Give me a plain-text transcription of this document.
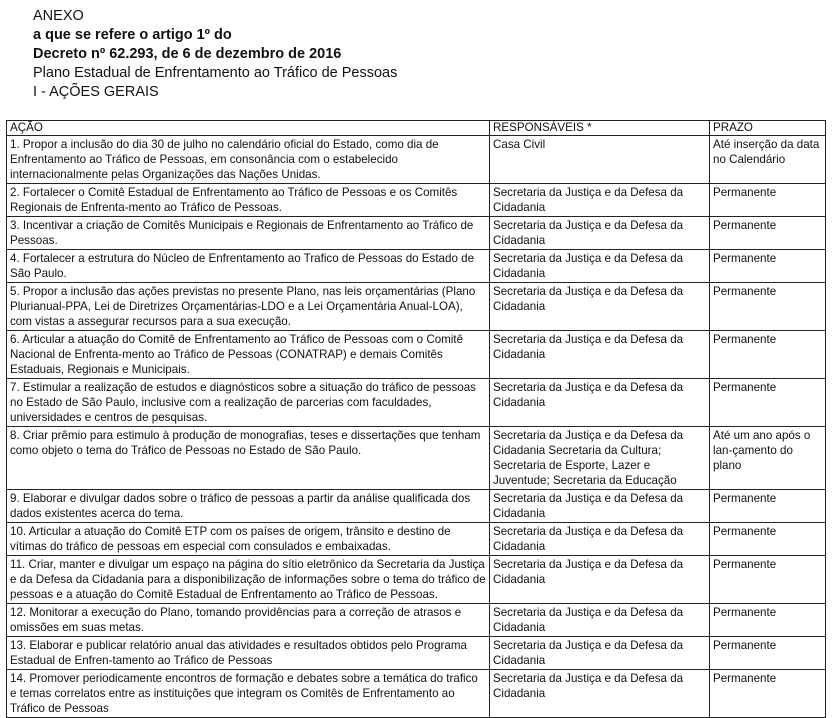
ANEXO
a que se refere o artigo 1º do
Decreto nº 62.293, de 6 de dezembro de 2016
Plano Estadual de Enfrentamento ao Tráfico de Pessoas
I - AÇÕES GERAIS
AÇÃO	RESPONSÁVEIS *	PRAZO
1. Propor a inclusão do dia 30 de julho no calendário oficial do Estado, como dia de Enfrentamento ao Tráfico de Pessoas, em consonância com o estabelecido internacionalmente pelas Organizações das Nações Unidas.	Casa Civil	Até inserção da data no Calendário
2. Fortalecer o Comitê Estadual de Enfrentamento ao Tráfico de Pessoas e os Comitês Regionais de Enfrenta-mento ao Tráfico de Pessoas.	Secretaria da Justiça e da Defesa da Cidadania	Permanente
3. Incentivar a criação de Comitês Municipais e Regionais de Enfrentamento ao Tráfico de Pessoas.	Secretaria da Justiça e da Defesa da Cidadania	Permanente
4. Fortalecer a estrutura do Núcleo de Enfrentamento ao Trafico de Pessoas do Estado de São Paulo.	Secretaria da Justiça e da Defesa da Cidadania	Permanente
5. Propor a inclusão das ações previstas no presente Plano, nas leis orçamentárias (Plano Plurianual-PPA, Lei de Diretrizes Orçamentárias-LDO e a Lei Orçamentária Anual-LOA), com vistas a assegurar recursos para a sua execução.	Secretaria da Justiça e da Defesa da Cidadania	Permanente
6. Articular a atuação do Comitê de Enfrentamento ao Tráfico de Pessoas com o Comitê Nacional de Enfrenta-mento ao Tráfico de Pessoas (CONATRAP) e demais Comitês Estaduais, Regionais e Municipais.	Secretaria da Justiça e da Defesa da Cidadania	Permanente
7. Estimular a realização de estudos e diagnósticos sobre a situação do tráfico de pessoas no Estado de São Paulo, inclusive com a realização de parcerias com faculdades, universidades e centros de pesquisas.	Secretaria da Justiça e da Defesa da Cidadania	Permanente
8. Criar prêmio para estimulo à produção de monografias, teses e dissertações que tenham como objeto o tema do Tráfico de Pessoas no Estado de São Paulo.	Secretaria da Justiça e da Defesa da Cidadania Secretaria da Cultura; Secretaria de Esporte, Lazer e Juventude; Secretaria da Educação	Até um ano após o lan-çamento do plano
9. Elaborar e divulgar dados sobre o tráfico de pessoas a partir da análise qualificada dos dados existentes acerca do tema.	Secretaria da Justiça e da Defesa da Cidadania	Permanente
10. Articular a atuação do Comitê ETP com os países de origem, trânsito e destino de vítimas do tráfico de pessoas em especial com consulados e embaixadas.	Secretaria da Justiça e da Defesa da Cidadania	Permanente
11. Criar, manter e divulgar um espaço na página do sítio eletrônico da Secretaria da Justiça e da Defesa da Cidadania para a disponibilização de informações sobre o tema do tráfico de pessoas e a atuação do Comitê Estadual de Enfrentamento ao Tráfico de Pessoas.	Secretaria da Justiça e da Defesa da Cidadania	Permanente
12. Monitorar a execução do Plano, tomando providências para a correção de atrasos e omissões em suas metas.	Secretaria da Justiça e da Defesa da Cidadania	Permanente
13. Elaborar e publicar relatório anual das atividades e resultados obtidos pelo Programa Estadual de Enfren-tamento ao Tráfico de Pessoas	Secretaria da Justiça e da Defesa da Cidadania	Permanente
14. Promover periodicamente encontros de formação e debates sobre a temática do trafico e temas correlatos entre as instituições que integram os Comitês de Enfrentamento ao Tráfico de Pessoas	Secretaria da Justiça e da Defesa da Cidadania	Permanente
